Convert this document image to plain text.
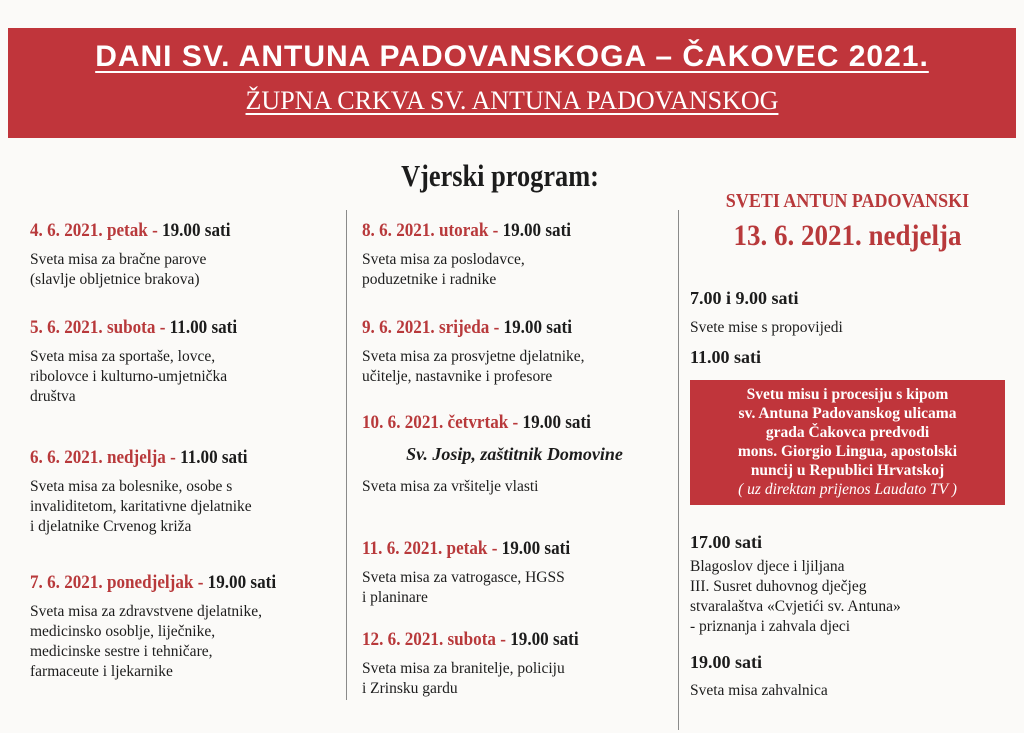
DANI SV. ANTUNA PADOVANSKOGA – ČAKOVEC 2021.
ŽUPNA CRKVA SV. ANTUNA PADOVANSKOG
Vjerski program:
4. 6. 2021. petak - 19.00 sati
Sveta misa za bračne parove
(slavlje obljetnice brakova)
5. 6. 2021. subota - 11.00 sati
Sveta misa za sportaše, lovce,
ribolovce i kulturno-umjetnička
društva
6. 6. 2021. nedjelja - 11.00 sati
Sveta misa za bolesnike, osobe s
invaliditetom, karitativne djelatnike
i djelatnike Crvenog križa
7. 6. 2021. ponedjeljak - 19.00 sati
Sveta misa za zdravstvene djelatnike,
medicinsko osoblje, liječnike,
medicinske sestre i tehničare,
farmaceute i ljekarnike
8. 6. 2021. utorak - 19.00 sati
Sveta misa za poslodavce,
poduzetnike i radnike
9. 6. 2021. srijeda - 19.00 sati
Sveta misa za prosvjetne djelatnike,
učitelje, nastavnike i profesore
10. 6. 2021. četvrtak - 19.00 sati
Sv. Josip, zaštitnik Domovine
Sveta misa za vršitelje vlasti
11. 6. 2021. petak - 19.00 sati
Sveta misa za vatrogasce, HGSS
i planinare
12. 6. 2021. subota - 19.00 sati
Sveta misa za branitelje, policiju
i Zrinsku gardu
SVETI ANTUN PADOVANSKI
13. 6. 2021. nedjelja
7.00 i 9.00 sati
Svete mise s propovijedi
11.00 sati
Svetu misu i procesiju s kipom
sv. Antuna Padovanskog ulicama
grada Čakovca predvodi
mons. Giorgio Lingua, apostolski
nuncij u Republici Hrvatskoj
( uz direktan prijenos Laudato TV )
17.00 sati
Blagoslov djece i ljiljana
III. Susret duhovnog dječjeg
stvaralaštva «Cvjetići sv. Antuna»
- priznanja i zahvala djeci
19.00 sati
Sveta misa zahvalnica
